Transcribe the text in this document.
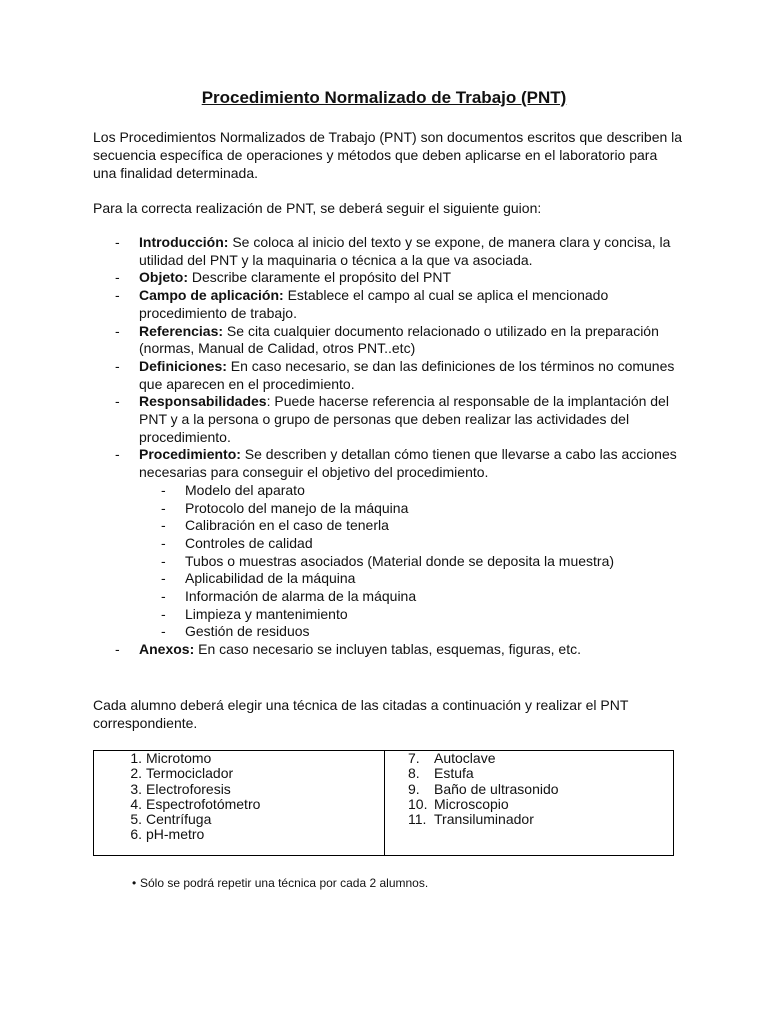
Procedimiento Normalizado de Trabajo (PNT)

Los Procedimientos Normalizados de Trabajo (PNT) son documentos escritos que describen la secuencia específica de operaciones y métodos que deben aplicarse en el laboratorio para una finalidad determinada.

Para la correcta realización de PNT, se deberá seguir el siguiente guion:

- Introducción: Se coloca al inicio del texto y se expone, de manera clara y concisa, la utilidad del PNT y la maquinaria o técnica a la que va asociada.
- Objeto: Describe claramente el propósito del PNT
- Campo de aplicación: Establece el campo al cual se aplica el mencionado procedimiento de trabajo.
- Referencias: Se cita cualquier documento relacionado o utilizado en la preparación (normas, Manual de Calidad, otros PNT..etc)
- Definiciones: En caso necesario, se dan las definiciones de los términos no comunes que aparecen en el procedimiento.
- Responsabilidades: Puede hacerse referencia al responsable de la implantación del PNT y a la persona o grupo de personas que deben realizar las actividades del procedimiento.
- Procedimiento: Se describen y detallan cómo tienen que llevarse a cabo las acciones necesarias para conseguir el objetivo del procedimiento.
- Modelo del aparato
- Protocolo del manejo de la máquina
- Calibración en el caso de tenerla
- Controles de calidad
- Tubos o muestras asociados (Material donde se deposita la muestra)
- Aplicabilidad de la máquina
- Información de alarma de la máquina
- Limpieza y mantenimiento
- Gestión de residuos
- Anexos: En caso necesario se incluyen tablas, esquemas, figuras, etc.

Cada alumno deberá elegir una técnica de las citadas a continuación y realizar el PNT correspondiente.

1. Microtomo
2. Termociclador
3. Electroforesis
4. Espectrofotómetro
5. Centrífuga
6. pH-metro
7.	Autoclave
8.	Estufa
9.	Baño de ultrasonido
10. Microscopio
11. Transiluminador

• Sólo se podrá repetir una técnica por cada 2 alumnos.
